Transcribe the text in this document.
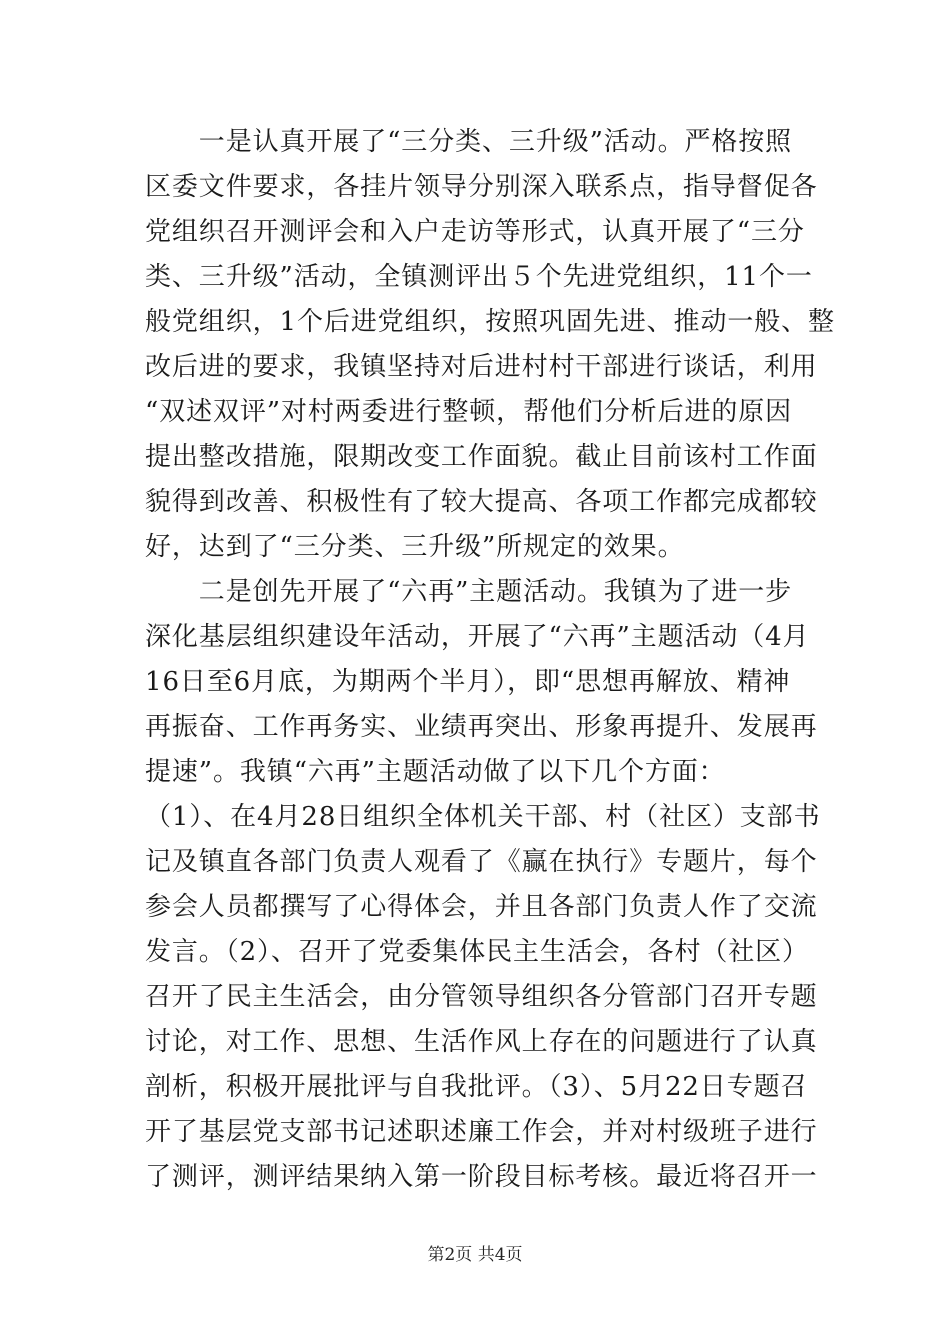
　　一是认真开展了“三分类、三升级”活动。严格按照
区委文件要求，各挂片领导分别深入联系点，指导督促各
党组织召开测评会和入户走访等形式，认真开展了“三分
类、三升级”活动，全镇测评出５个先进党组织，11个一
般党组织，1个后进党组织，按照巩固先进、推动一般、整
改后进的要求，我镇坚持对后进村村干部进行谈话，利用
“双述双评”对村两委进行整顿，帮他们分析后进的原因
提出整改措施，限期改变工作面貌。截止目前该村工作面
貌得到改善、积极性有了较大提高、各项工作都完成都较
好，达到了“三分类、三升级”所规定的效果。
　　二是创先开展了“六再”主题活动。我镇为了进一步
深化基层组织建设年活动，开展了“六再”主题活动（4月
16日至6月底，为期两个半月），即“思想再解放、精神
再振奋、工作再务实、业绩再突出、形象再提升、发展再
提速”。我镇“六再”主题活动做了以下几个方面：
（1）、在4月28日组织全体机关干部、村（社区）支部书
记及镇直各部门负责人观看了《赢在执行》专题片，每个
参会人员都撰写了心得体会，并且各部门负责人作了交流
发言。（2）、召开了党委集体民主生活会，各村（社区）
召开了民主生活会，由分管领导组织各分管部门召开专题
讨论，对工作、思想、生活作风上存在的问题进行了认真
剖析，积极开展批评与自我批评。（3）、5月22日专题召
开了基层党支部书记述职述廉工作会，并对村级班子进行
了测评，测评结果纳入第一阶段目标考核。最近将召开一
第2页 共4页
